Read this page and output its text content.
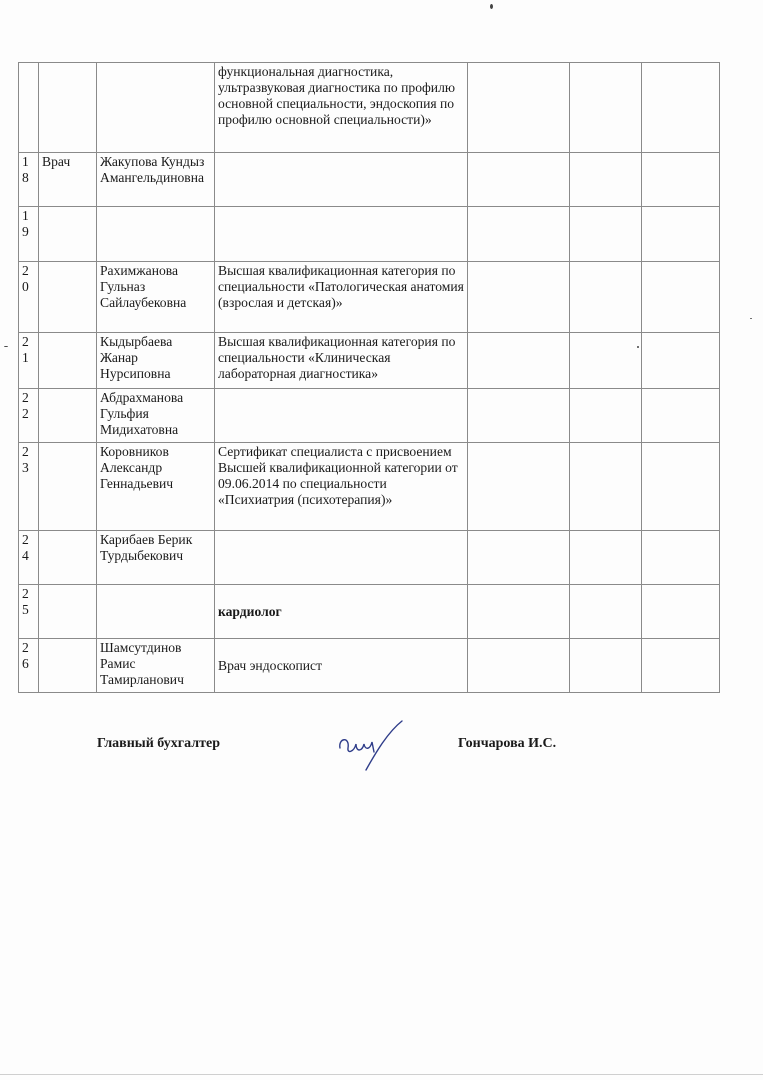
			функциональная диагностика, ультразвуковая диагностика по профилю основной специальности, эндоскопия по профилю основной специальности)»			
18	Врач	Жакупова Кундыз Амангельдиновна				
19						
20		Рахимжанова Гульназ Сайлаубековна	Высшая квалификационная категория по специальности «Патологическая анатомия (взрослая и детская)»			
21		Кыдырбаева Жанар Нурсиповна	Высшая квалификационная категория по специальности «Клиническая лабораторная диагностика»			
22		Абдрахманова Гульфия Мидихатовна				
23		Коровников Александр Геннадьевич	Сертификат специалиста с присвоением Высшей квалификационной категории от 09.06.2014 по специальности «Психиатрия (психотерапия)»			
24		Карибаев Берик Турдыбекович				
25			кардиолог			
26		Шамсутдинов Рамис Тамирланович	Врач эндоскопист			
Главный бухгалтер	Гончарова И.С.
